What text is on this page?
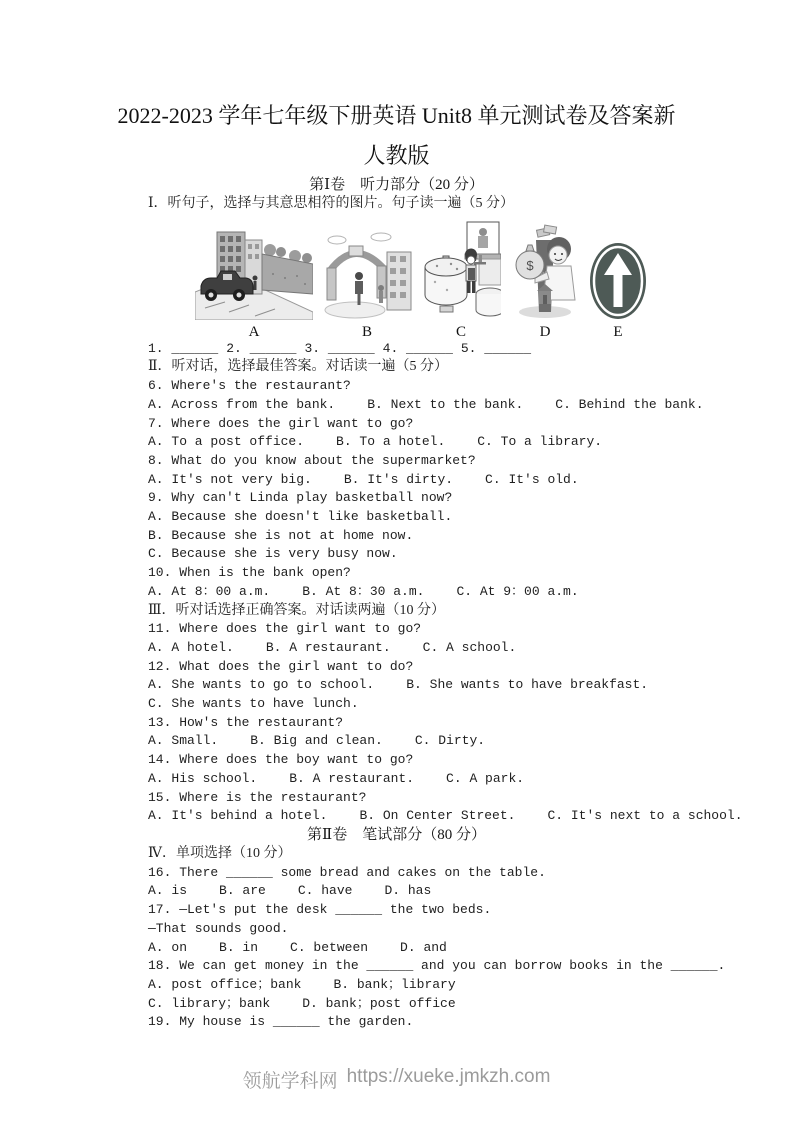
2022-2023 学年七年级下册英语 Unit8 单元测试卷及答案新
人教版
第Ⅰ卷　听力部分（20 分）
Ⅰ．听句子，选择与其意思相符的图片。句子读一遍（5 分）
A	B	C
$
D	E
1. ______ 2. ______ 3. ______ 4. ______ 5. ______
Ⅱ．听对话，选择最佳答案。对话读一遍（5 分）
6. Where's the restaurant?
A. Across from the bank. B. Next to the bank. C. Behind the bank.
7. Where does the girl want to go?
A. To a post office. B. To a hotel. C. To a library.
8. What do you know about the supermarket?
A. It's not very big. B. It's dirty. C. It's old.
9. Why can't Linda play basketball now?
A. Because she doesn't like basketball.
B. Because she is not at home now.
C. Because she is very busy now.
10. When is the bank open?
A. At 8：00 a.m. B. At 8：30 a.m. C. At 9：00 a.m.
Ⅲ．听对话选择正确答案。对话读两遍（10 分）
11. Where does the girl want to go?
A. A hotel. B. A restaurant. C. A school.
12. What does the girl want to do?
A. She wants to go to school. B. She wants to have breakfast.
C. She wants to have lunch.
13. How's the restaurant?
A. Small. B. Big and clean. C. Dirty.
14. Where does the boy want to go?
A. His school. B. A restaurant. C. A park.
15. Where is the restaurant?
A. It's behind a hotel. B. On Center Street. C. It's next to a school.
第Ⅱ卷　笔试部分（80 分）
Ⅳ．单项选择（10 分）
16. There ______ some bread and cakes on the table.
A. is B. are C. have D. has
17. —Let's put the desk ______ the two beds.
—That sounds good.
A. on B. in C. between D. and
18. We can get money in the ______ and you can borrow books in the ______.
A. post office；bank B. bank；library
C. library；bank D. bank；post office
19. My house is ______ the garden.
领航学科网 https://xueke.jmkzh.com
